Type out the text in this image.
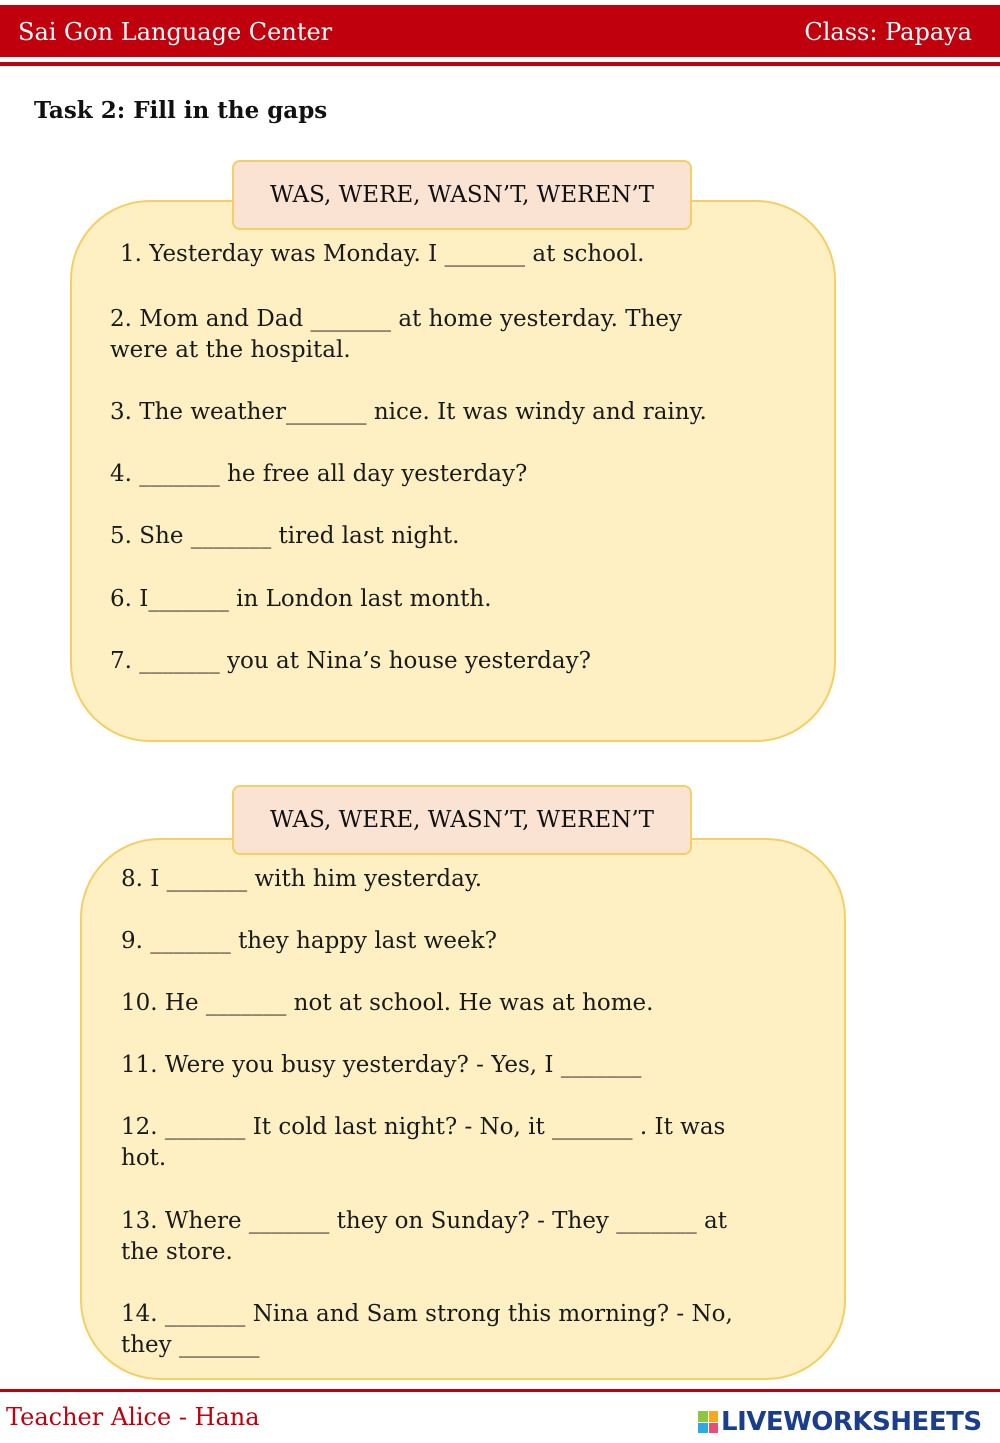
Sai Gon Language Center	Class: Papaya
Task 2: Fill in the gaps
WAS, WERE, WASN’T, WEREN’T
1. Yesterday was Monday. I _______ at school.
2. Mom and Dad _______ at home yesterday. They
were at the hospital.
3. The weather_______ nice. It was windy and rainy.
4. _______ he free all day yesterday?
5. She _______ tired last night.
6. I_______ in London last month.
7. _______ you at Nina’s house yesterday?
WAS, WERE, WASN’T, WEREN’T
8. I _______ with him yesterday.
9. _______ they happy last week?
10. He _______ not at school. He was at home.
11. Were you busy yesterday? - Yes, I _______
12. _______ It cold last night? - No, it _______ . It was
hot.
13. Where _______ they on Sunday? - They _______ at
the store.
14. _______ Nina and Sam strong this morning? - No,
they _______
Teacher Alice - Hana	LIVEWORKSHEETS
